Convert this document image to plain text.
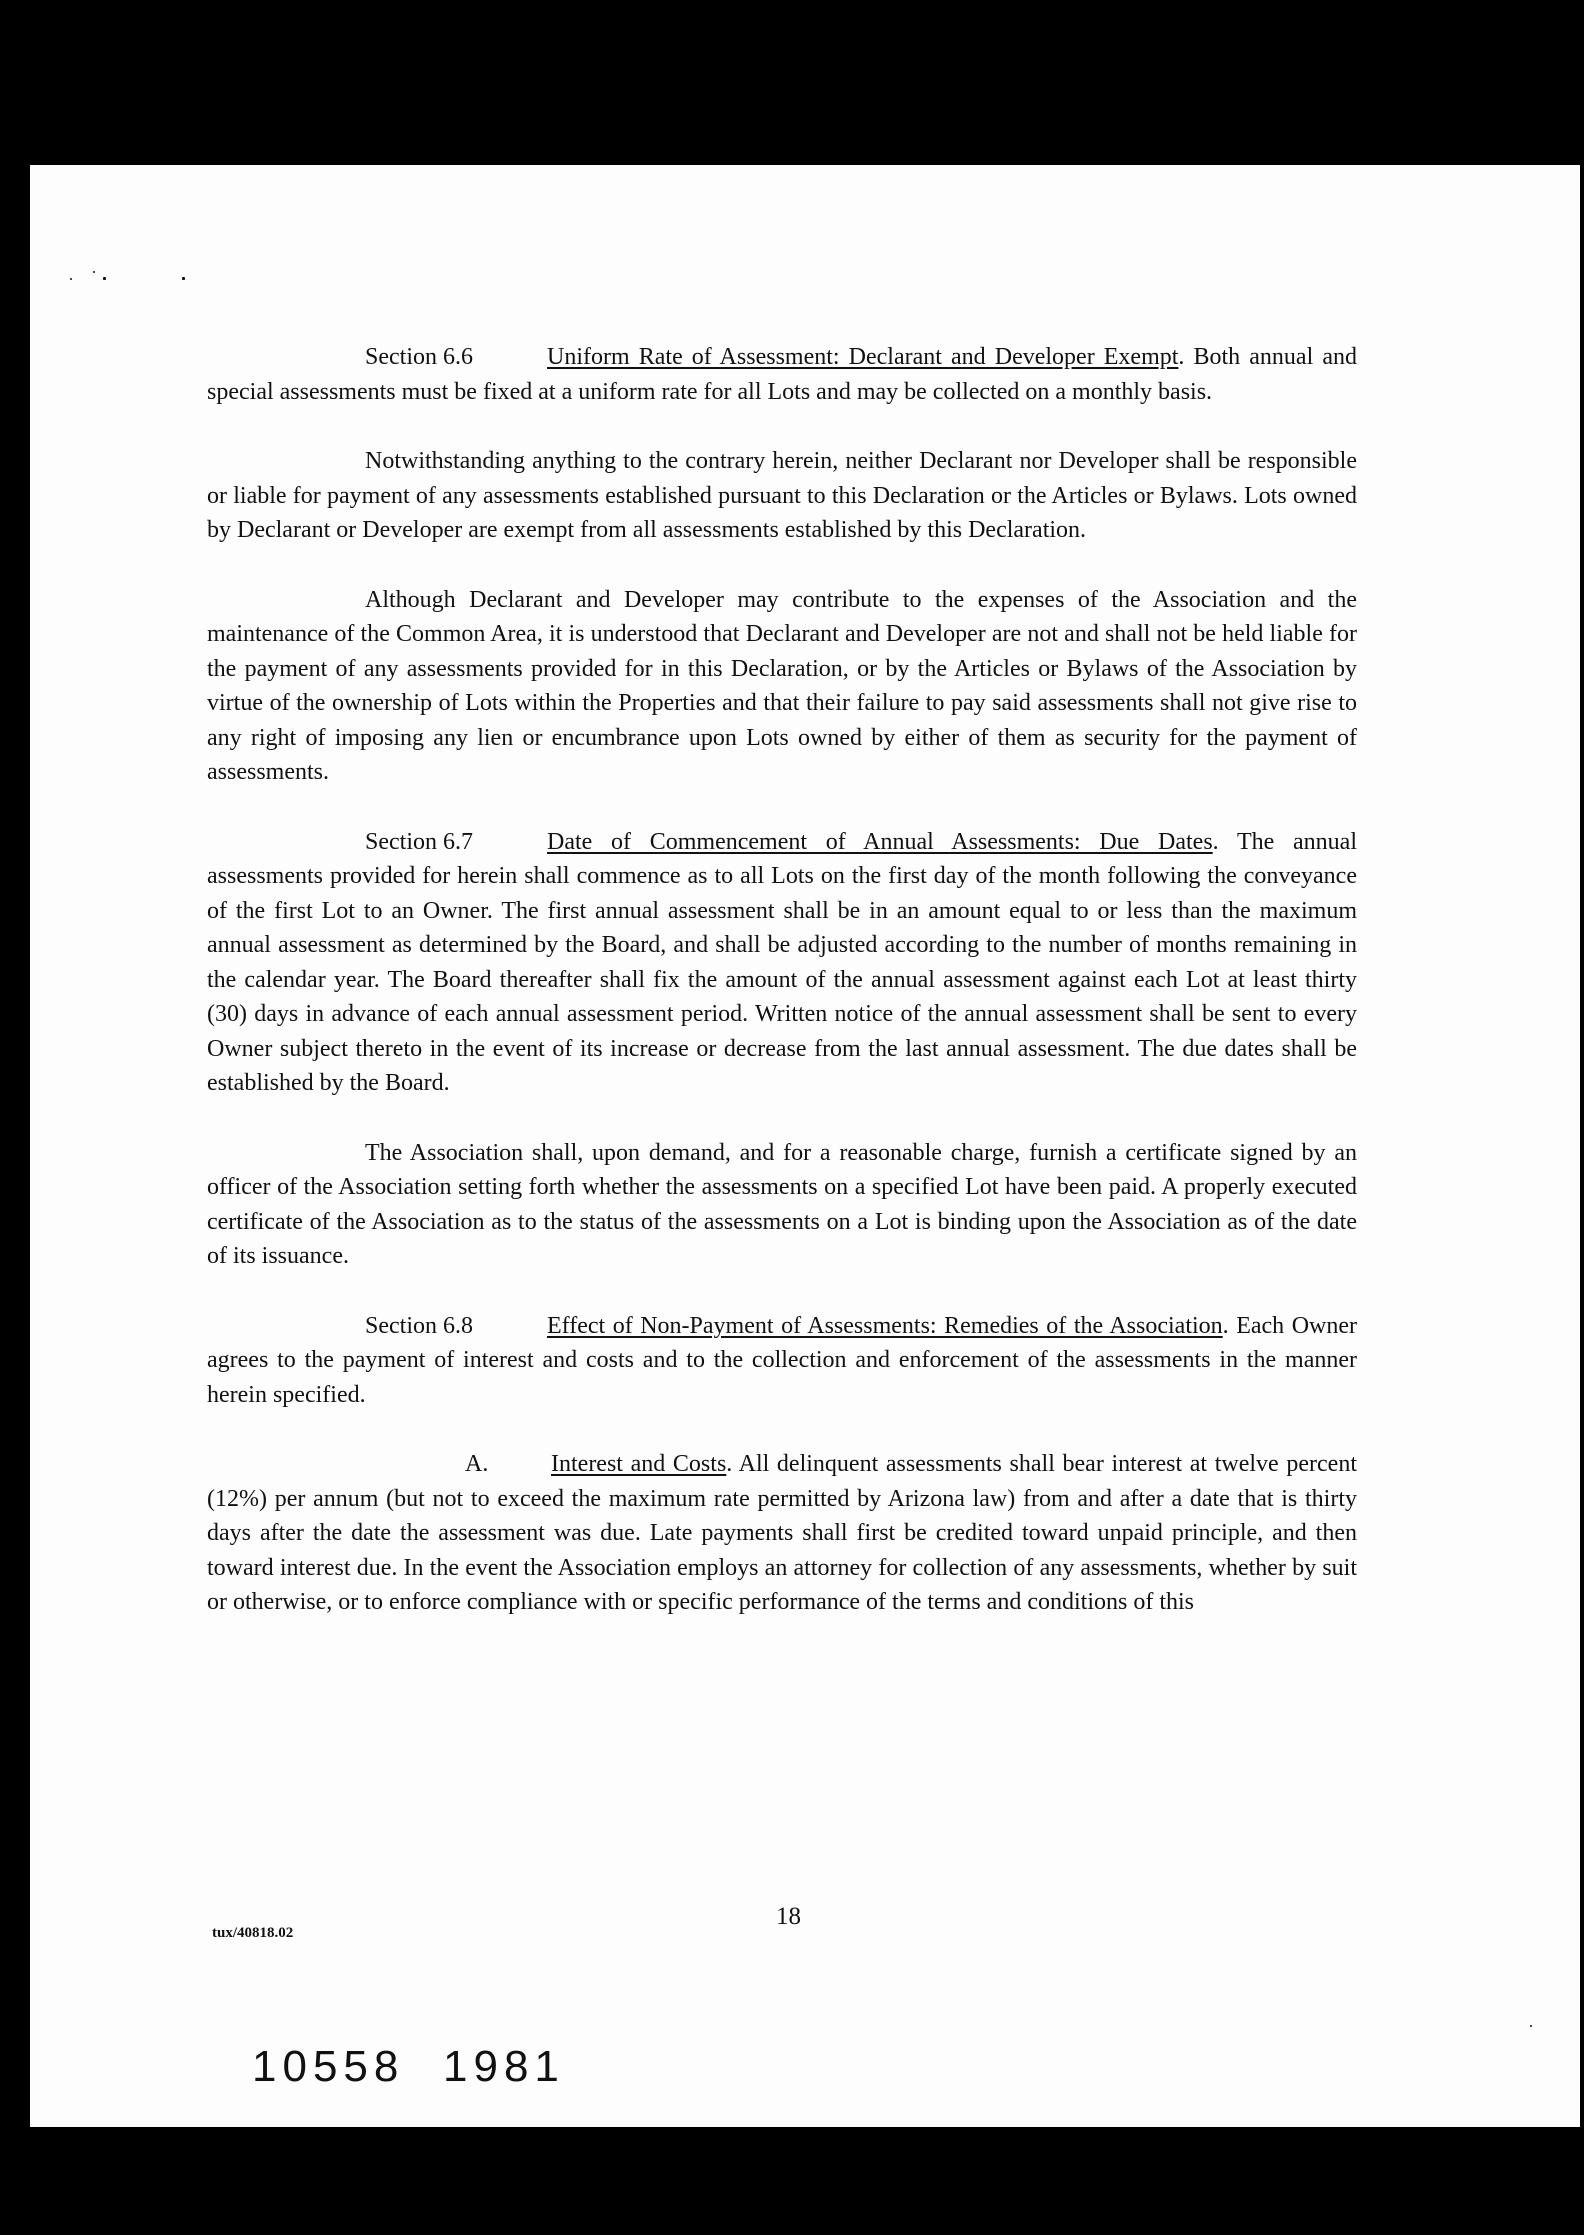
Section 6.6	Uniform Rate of Assessment: Declarant and Developer Exempt. Both annual and special assessments must be fixed at a uniform rate for all Lots and may be collected on a monthly basis.

Notwithstanding anything to the contrary herein, neither Declarant nor Developer shall be responsible or liable for payment of any assessments established pursuant to this Declaration or the Articles or Bylaws. Lots owned by Declarant or Developer are exempt from all assessments established by this Declaration.

Although Declarant and Developer may contribute to the expenses of the Association and the maintenance of the Common Area, it is understood that Declarant and Developer are not and shall not be held liable for the payment of any assessments provided for in this Declaration, or by the Articles or Bylaws of the Association by virtue of the ownership of Lots within the Properties and that their failure to pay said assessments shall not give rise to any right of imposing any lien or encumbrance upon Lots owned by either of them as security for the payment of assessments.

Section 6.7	Date of Commencement of Annual Assessments: Due Dates. The annual assessments provided for herein shall commence as to all Lots on the first day of the month following the conveyance of the first Lot to an Owner. The first annual assessment shall be in an amount equal to or less than the maximum annual assessment as determined by the Board, and shall be adjusted according to the number of months remaining in the calendar year. The Board thereafter shall fix the amount of the annual assessment against each Lot at least thirty (30) days in advance of each annual assessment period. Written notice of the annual assessment shall be sent to every Owner subject thereto in the event of its increase or decrease from the last annual assessment. The due dates shall be established by the Board.

The Association shall, upon demand, and for a reasonable charge, furnish a certificate signed by an officer of the Association setting forth whether the assessments on a specified Lot have been paid. A properly executed certificate of the Association as to the status of the assessments on a Lot is binding upon the Association as of the date of its issuance.

Section 6.8	Effect of Non-Payment of Assessments: Remedies of the Association. Each Owner agrees to the payment of interest and costs and to the collection and enforcement of the assessments in the manner herein specified.

A.	Interest and Costs. All delinquent assessments shall bear interest at twelve percent (12%) per annum (but not to exceed the maximum rate permitted by Arizona law) from and after a date that is thirty days after the date the assessment was due. Late payments shall first be credited toward unpaid principle, and then toward interest due. In the event the Association employs an attorney for collection of any assessments, whether by suit or otherwise, or to enforce compliance with or specific performance of the terms and conditions of this

tux/40818.02
18
10558 1981
